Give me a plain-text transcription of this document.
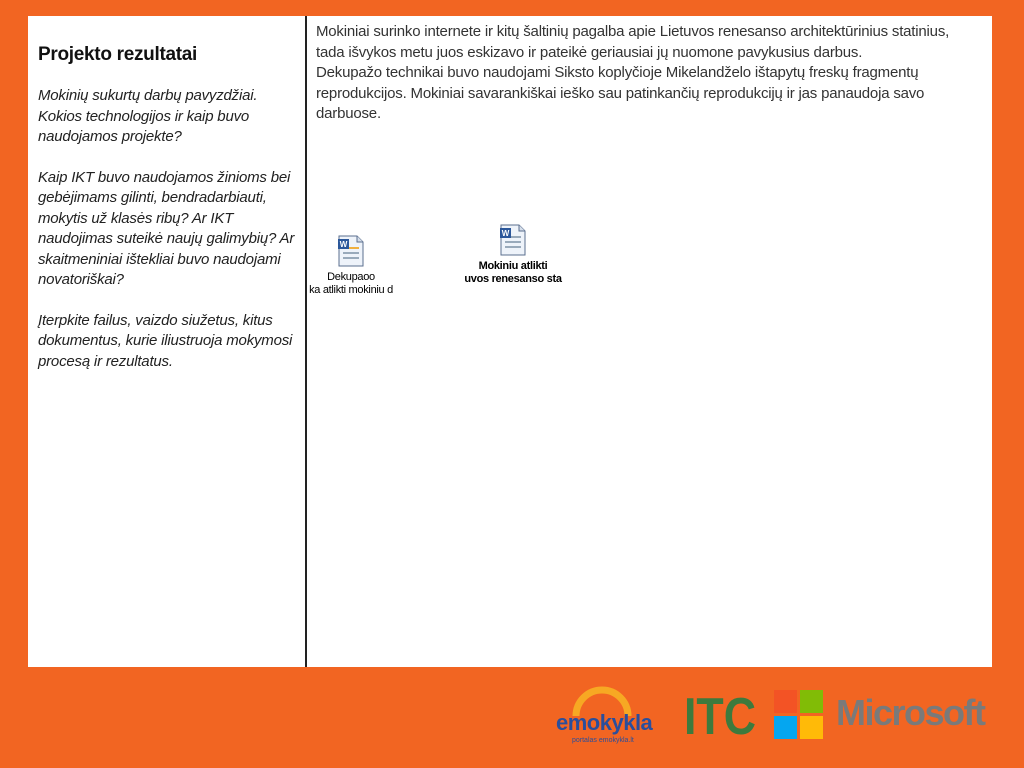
Projekto rezultatai

Mokinių sukurtų darbų pavyzdžiai. Kokios technologijos ir kaip buvo naudojamos projekte?

Kaip IKT buvo naudojamos žinioms bei gebėjimams gilinti, bendradarbiauti, mokytis už klasės ribų? Ar IKT naudojimas suteikė naujų galimybių? Ar skaitmeniniai ištekliai buvo naudojami novatoriškai?

Įterpkite failus, vaizdo siužetus, kitus dokumentus, kurie iliustruoja mokymosi procesą ir rezultatus.

Mokiniai surinko internete ir kitų šaltinių pagalba apie Lietuvos renesanso architektūrinius statinius, tada išvykos metu juos eskizavo ir pateikė geriausiai jų nuomone pavykusius darbus.

Dekupažo technikai buvo naudojami Siksto koplyčioje Mikelandželo ištapytų freskų fragmentų reprodukcijos. Mokiniai savarankiškai ieško sau patinkančių reprodukcijų ir jas panaudoja savo darbuose.

W
Dekupaoo
ka atlikti mokiniu d
W
Mokiniu atlikti
uvos renesanso sta
emokykla
portalas emokykla.lt ITC Microsoft
